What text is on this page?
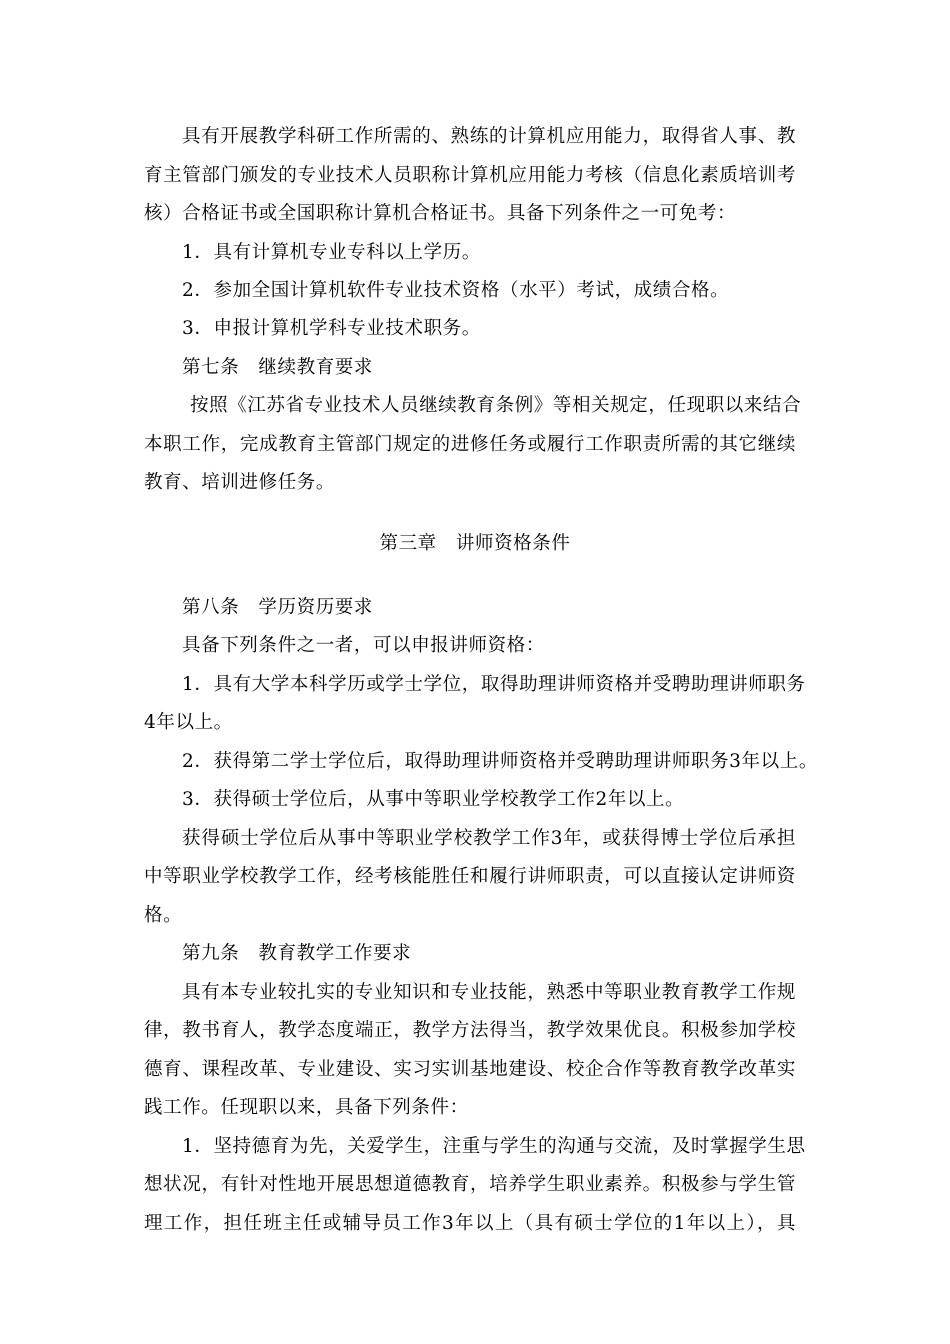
具有开展教学科研工作所需的、熟练的计算机应用能力，取得省人事、教
育主管部门颁发的专业技术人员职称计算机应用能力考核（信息化素质培训考
核）合格证书或全国职称计算机合格证书。具备下列条件之一可免考：
1．具有计算机专业专科以上学历。
2．参加全国计算机软件专业技术资格（水平）考试，成绩合格。
3．申报计算机学科专业技术职务。
第七条　继续教育要求
按照《江苏省专业技术人员继续教育条例》等相关规定，任现职以来结合
本职工作，完成教育主管部门规定的进修任务或履行工作职责所需的其它继续
教育、培训进修任务。
第三章　讲师资格条件
第八条　学历资历要求
具备下列条件之一者，可以申报讲师资格：
1．具有大学本科学历或学士学位，取得助理讲师资格并受聘助理讲师职务
4年以上。
2．获得第二学士学位后，取得助理讲师资格并受聘助理讲师职务3年以上。
3．获得硕士学位后，从事中等职业学校教学工作2年以上。
获得硕士学位后从事中等职业学校教学工作3年，或获得博士学位后承担
中等职业学校教学工作，经考核能胜任和履行讲师职责，可以直接认定讲师资
格。
第九条　教育教学工作要求
具有本专业较扎实的专业知识和专业技能，熟悉中等职业教育教学工作规
律，教书育人，教学态度端正，教学方法得当，教学效果优良。积极参加学校
德育、课程改革、专业建设、实习实训基地建设、校企合作等教育教学改革实
践工作。任现职以来，具备下列条件：
1．坚持德育为先，关爱学生，注重与学生的沟通与交流，及时掌握学生思
想状况，有针对性地开展思想道德教育，培养学生职业素养。积极参与学生管
理工作，担任班主任或辅导员工作3年以上（具有硕士学位的1年以上），具
